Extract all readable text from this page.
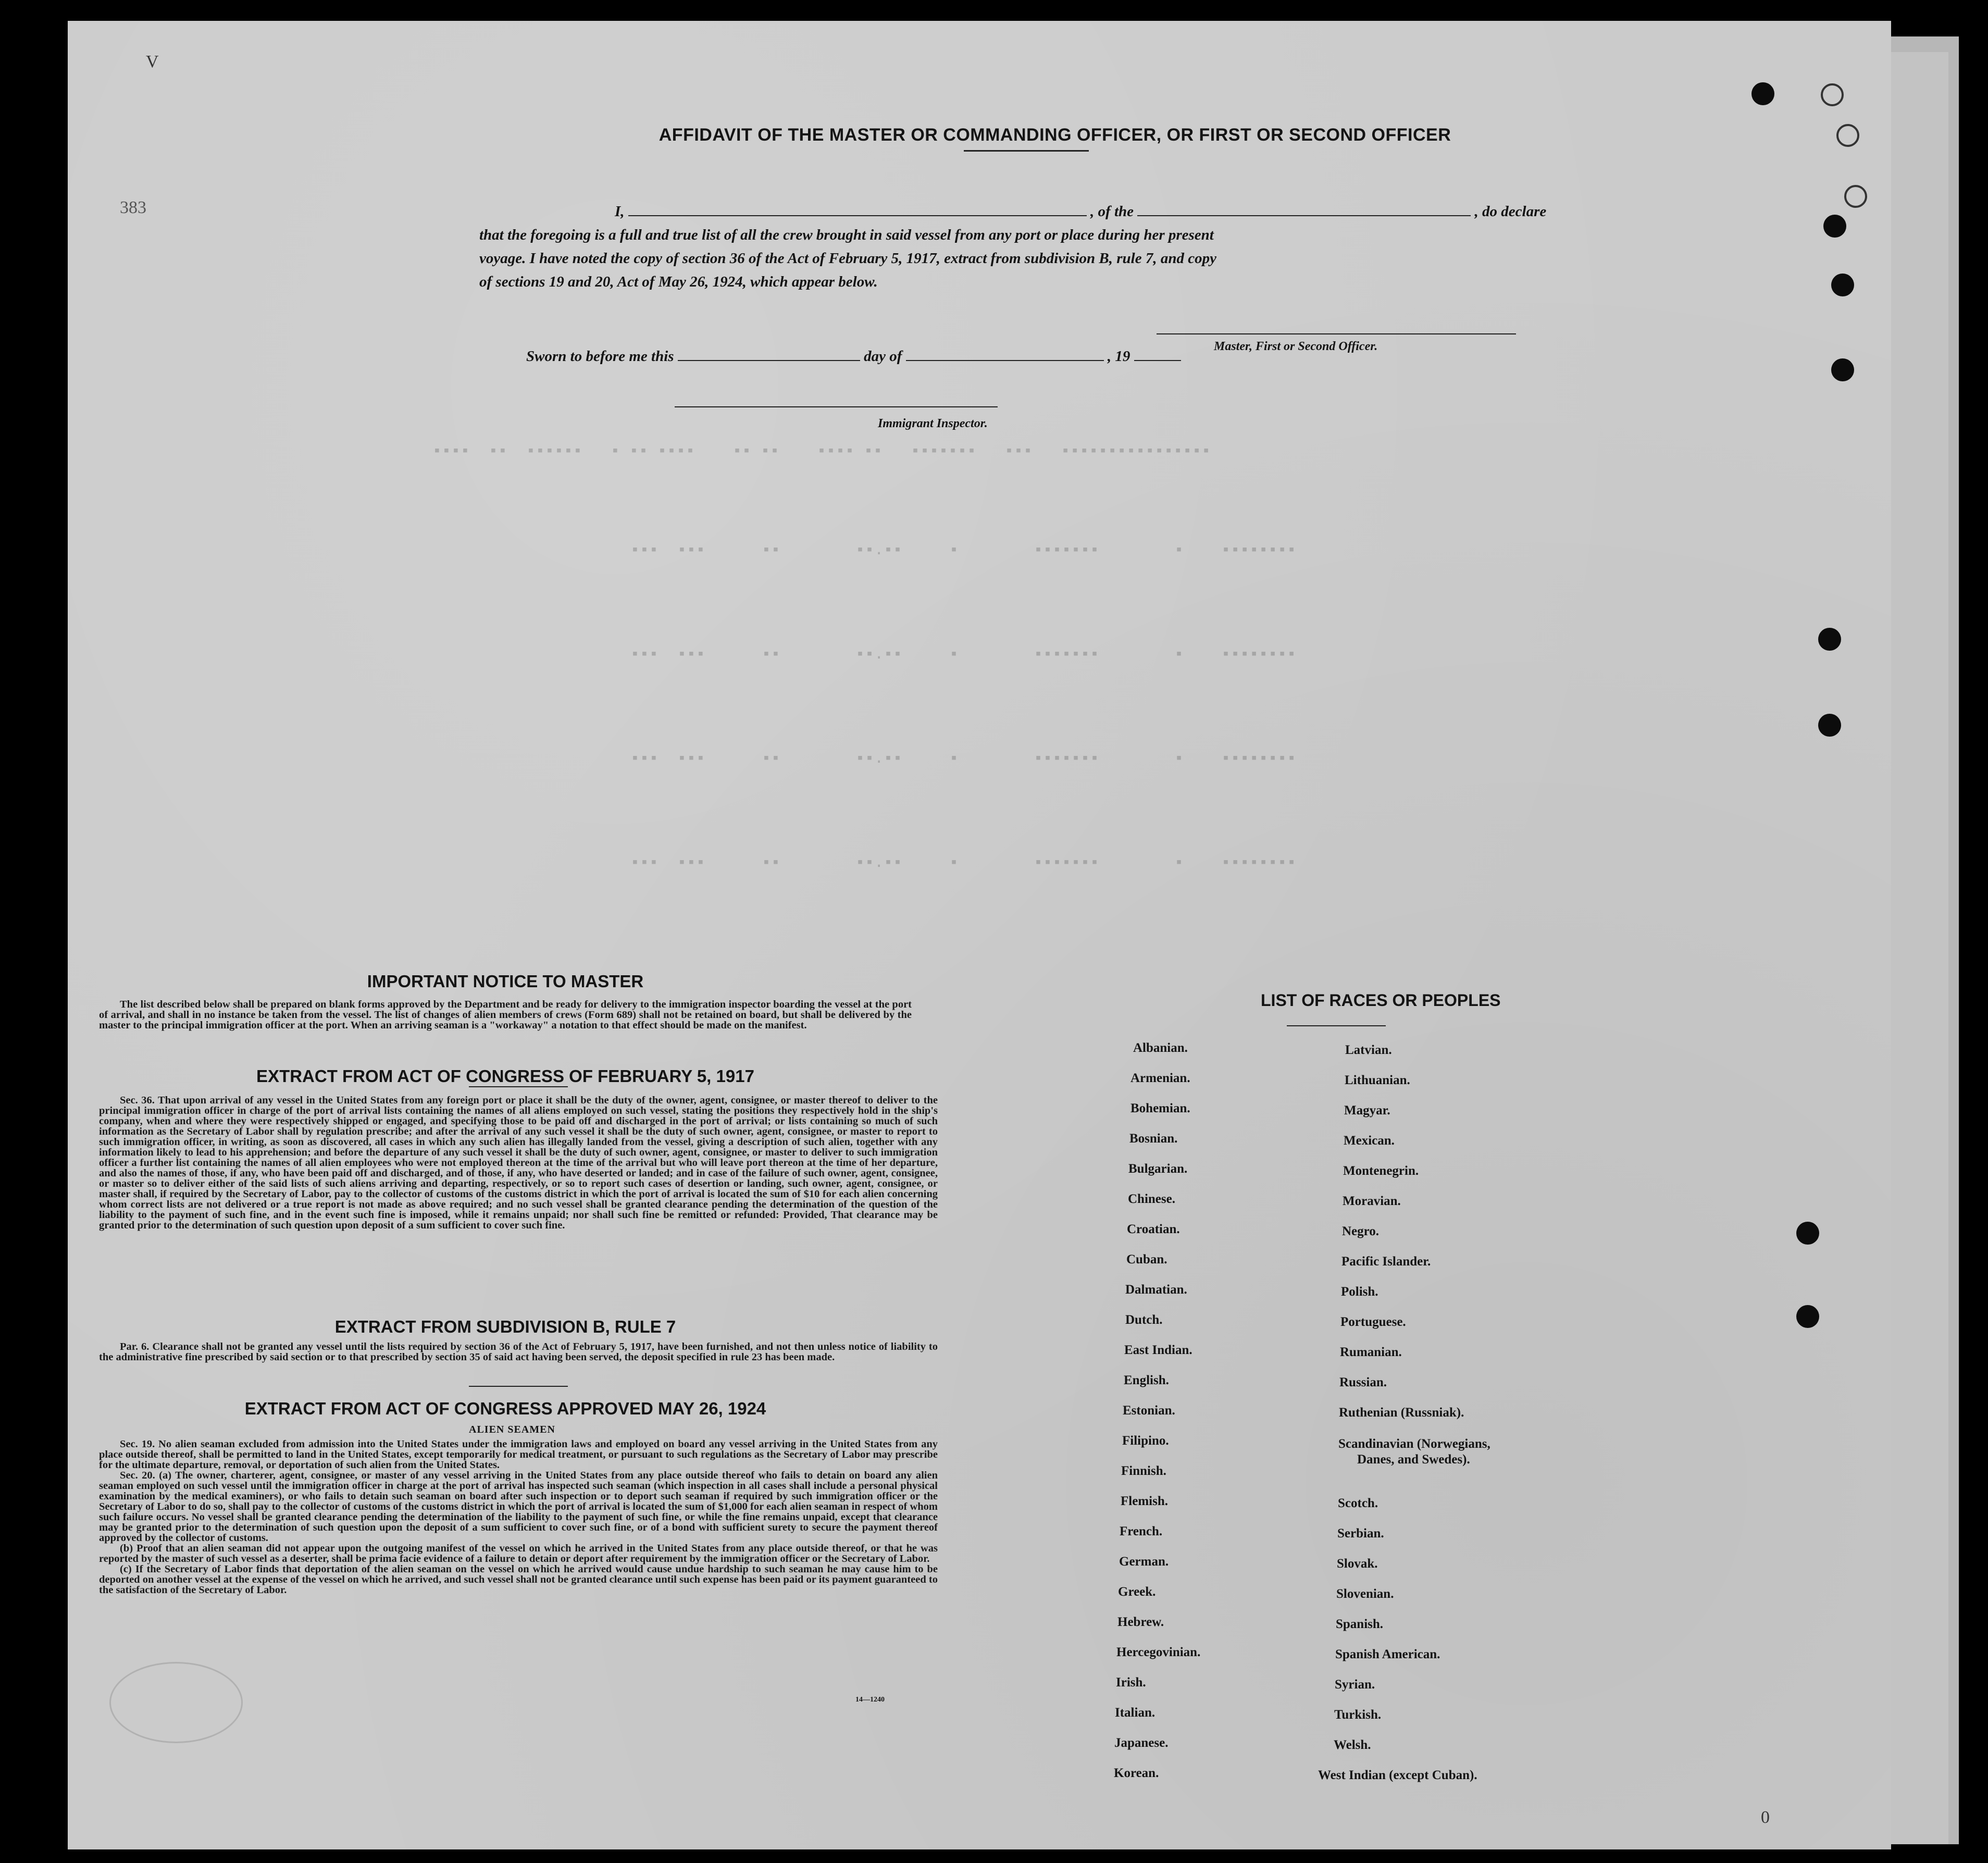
▪▪▪▪  ▪▪  ▪▪▪▪▪▪   ▪ ▪▪ ▪▪▪▪    ▪▪ ▪▪    ▪▪▪▪ ▪▪   ▪▪▪▪▪▪▪   ▪▪▪   ▪▪▪▪▪▪▪▪▪▪▪▪▪▪▪▪
▪▪▪  ▪▪▪      ▪▪        ▪▪.▪▪     ▪        ▪▪▪▪▪▪▪        ▪    ▪▪▪▪▪▪▪▪
▪▪▪  ▪▪▪      ▪▪        ▪▪.▪▪     ▪        ▪▪▪▪▪▪▪        ▪    ▪▪▪▪▪▪▪▪
▪▪▪  ▪▪▪      ▪▪        ▪▪.▪▪     ▪        ▪▪▪▪▪▪▪        ▪    ▪▪▪▪▪▪▪▪
▪▪▪  ▪▪▪      ▪▪        ▪▪.▪▪     ▪        ▪▪▪▪▪▪▪        ▪    ▪▪▪▪▪▪▪▪
V
383
0
AFFIDAVIT OF THE MASTER OR COMMANDING OFFICER, OR FIRST OR SECOND OFFICER
I,	, of the	, do declare
that the foregoing is a full and true list of all the crew brought in said vessel from any port or place during her present
voyage. I have noted the copy of section 36 of the Act of February 5, 1917, extract from subdivision B, rule 7, and copy
of sections 19 and 20, Act of May 26, 1924, which appear below.
Master, First or Second Officer.
Sworn to before me this	day of	, 19
Immigrant Inspector.
IMPORTANT NOTICE TO MASTER

The list described below shall be prepared on blank forms approved by the Department and be ready for delivery to the immigration inspector boarding the vessel at the port of arrival, and shall in no instance be taken from the vessel. The list of changes of alien members of crews (Form 689) shall not be retained on board, but shall be delivered by the master to the principal immigration officer at the port. When an arriving seaman is a "workaway" a notation to that effect should be made on the manifest.

EXTRACT FROM ACT OF CONGRESS OF FEBRUARY 5, 1917

Sec. 36. That upon arrival of any vessel in the United States from any foreign port or place it shall be the duty of the owner, agent, consignee, or master thereof to deliver to the principal immigration officer in charge of the port of arrival lists containing the names of all aliens employed on such vessel, stating the positions they respectively hold in the ship's company, when and where they were respectively shipped or engaged, and specifying those to be paid off and discharged in the port of arrival; or lists containing so much of such information as the Secretary of Labor shall by regulation prescribe; and after the arrival of any such vessel it shall be the duty of such owner, agent, consignee, or master to report to such immigration officer, in writing, as soon as discovered, all cases in which any such alien has illegally landed from the vessel, giving a description of such alien, together with any information likely to lead to his apprehension; and before the departure of any such vessel it shall be the duty of such owner, agent, consignee, or master to deliver to such immigration officer a further list containing the names of all alien employees who were not employed thereon at the time of the arrival but who will leave port thereon at the time of her departure, and also the names of those, if any, who have been paid off and discharged, and of those, if any, who have deserted or landed; and in case of the failure of such owner, agent, consignee, or master so to deliver either of the said lists of such aliens arriving and departing, respectively, or so to report such cases of desertion or landing, such owner, agent, consignee, or master shall, if required by the Secretary of Labor, pay to the collector of customs of the customs district in which the port of arrival is located the sum of $10 for each alien concerning whom correct lists are not delivered or a true report is not made as above required; and no such vessel shall be granted clearance pending the determination of the question of the liability to the payment of such fine, and in the event such fine is imposed, while it remains unpaid; nor shall such fine be remitted or refunded: Provided, That clearance may be granted prior to the determination of such question upon deposit of a sum sufficient to cover such fine.

EXTRACT FROM SUBDIVISION B, RULE 7

Par. 6. Clearance shall not be granted any vessel until the lists required by section 36 of the Act of February 5, 1917, have been furnished, and not then unless notice of liability to the administrative fine prescribed by said section or to that prescribed by section 35 of said act having been served, the deposit specified in rule 23 has been made.

EXTRACT FROM ACT OF CONGRESS APPROVED MAY 26, 1924
ALIEN SEAMEN

Sec. 19. No alien seaman excluded from admission into the United States under the immigration laws and employed on board any vessel arriving in the United States from any place outside thereof, shall be permitted to land in the United States, except temporarily for medical treatment, or pursuant to such regulations as the Secretary of Labor may prescribe for the ultimate departure, removal, or deportation of such alien from the United States.

Sec. 20. (a) The owner, charterer, agent, consignee, or master of any vessel arriving in the United States from any place outside thereof who fails to detain on board any alien seaman employed on such vessel until the immigration officer in charge at the port of arrival has inspected such seaman (which inspection in all cases shall include a personal physical examination by the medical examiners), or who fails to detain such seaman on board after such inspection or to deport such seaman if required by such immigration officer or the Secretary of Labor to do so, shall pay to the collector of customs of the customs district in which the port of arrival is located the sum of $1,000 for each alien seaman in respect of whom such failure occurs. No vessel shall be granted clearance pending the determination of the liability to the payment of such fine, or while the fine remains unpaid, except that clearance may be granted prior to the determination of such question upon the deposit of a sum sufficient to cover such fine, or of a bond with sufficient surety to secure the payment thereof approved by the collector of customs.

(b) Proof that an alien seaman did not appear upon the outgoing manifest of the vessel on which he arrived in the United States from any place outside thereof, or that he was reported by the master of such vessel as a deserter, shall be prima facie evidence of a failure to detain or deport after requirement by the immigration officer or the Secretary of Labor.

(c) If the Secretary of Labor finds that deportation of the alien seaman on the vessel on which he arrived would cause undue hardship to such seaman he may cause him to be deported on another vessel at the expense of the vessel on which he arrived, and such vessel shall not be granted clearance until such expense has been paid or its payment guaranteed to the satisfaction of the Secretary of Labor.

14—1240
LIST OF RACES OR PEOPLES
Albanian.
Armenian.
Bohemian.
Bosnian.
Bulgarian.
Chinese.
Croatian.
Cuban.
Dalmatian.
Dutch.
East Indian.
English.
Estonian.
Filipino.
Finnish.
Flemish.
French.
German.
Greek.
Hebrew.
Hercegovinian.
Irish.
Italian.
Japanese.
Korean.
Latvian.
Lithuanian.
Magyar.
Mexican.
Montenegrin.
Moravian.
Negro.
Pacific Islander.
Polish.
Portuguese.
Rumanian.
Russian.
Ruthenian (Russniak).
Scandinavian (Norwegians,
Danes, and Swedes).
Scotch.
Serbian.
Slovak.
Slovenian.
Spanish.
Spanish American.
Syrian.
Turkish.
Welsh.
West Indian (except Cuban).
